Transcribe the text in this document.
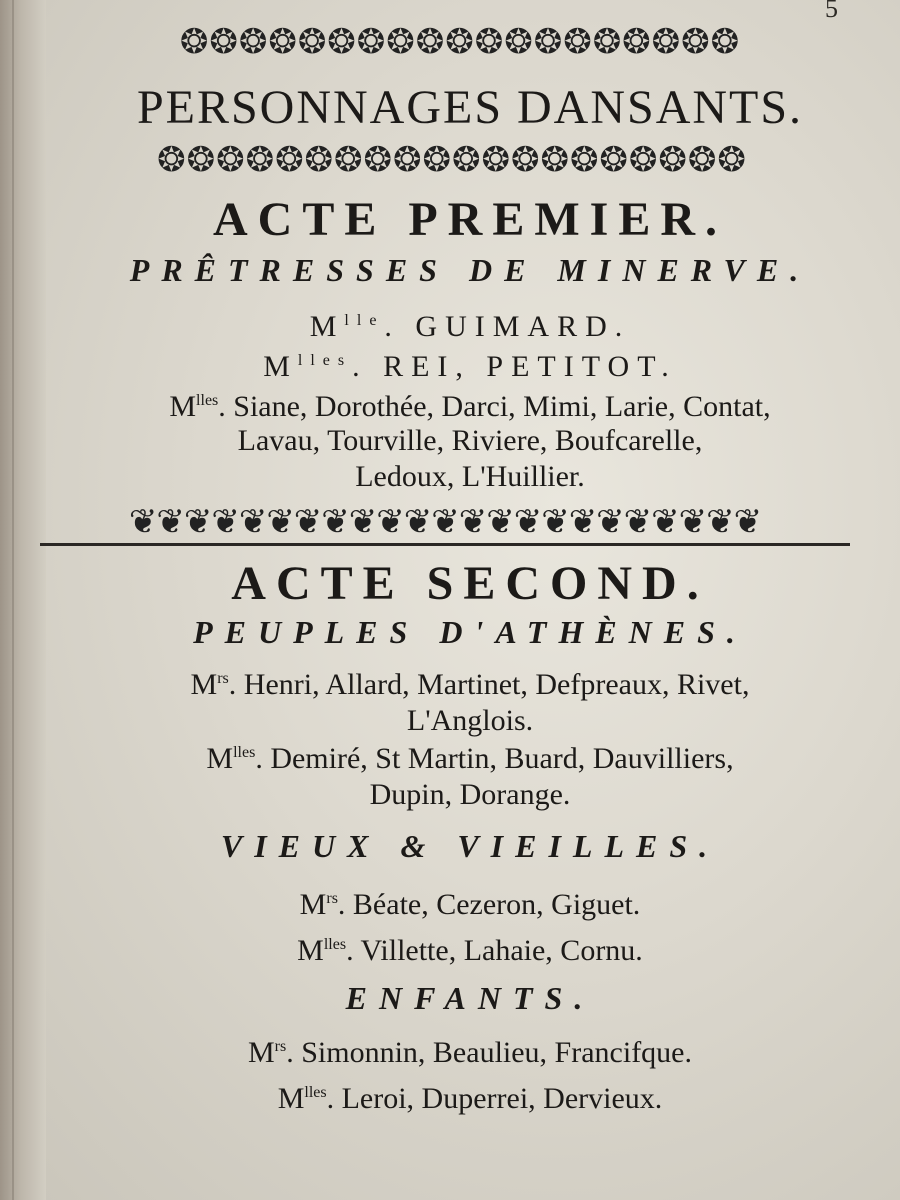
5
❂❂❂❂❂❂❂❂❂❂❂❂❂❂❂❂❂❂❂
PERSONNAGES DANSANTS.
❂❂❂❂❂❂❂❂❂❂❂❂❂❂❂❂❂❂❂❂
ACTE PREMIER.
PRÊTRESSES DE MINERVE.
$M^{lle}$. GUIMARD.
$M^{lles}$. REI, PETITOT.
$M^{lles}$. Siane, Dorothée, Darci, Mimi, Larie, Contat,
Lavau, Tourville, Riviere, Boufcarelle,
Ledoux, L'Huillier.
❦❦❦❦❦❦❦❦❦❦❦❦❦❦❦❦❦❦❦❦❦❦❦
ACTE SECOND.
PEUPLES D'ATHÈNES.
$M^{rs}$. Henri, Allard, Martinet, Defpreaux, Rivet,
L'Anglois.
$M^{lles}$. Demiré, St Martin, Buard, Dauvilliers,
Dupin, Dorange.
VIEUX & VIEILLES.
$M^{rs}$. Béate, Cezeron, Giguet.
$M^{lles}$. Villette, Lahaie, Cornu.
ENFANTS.
$M^{rs}$. Simonnin, Beaulieu, Francifque.
$M^{lles}$. Leroi, Duperrei, Dervieux.
